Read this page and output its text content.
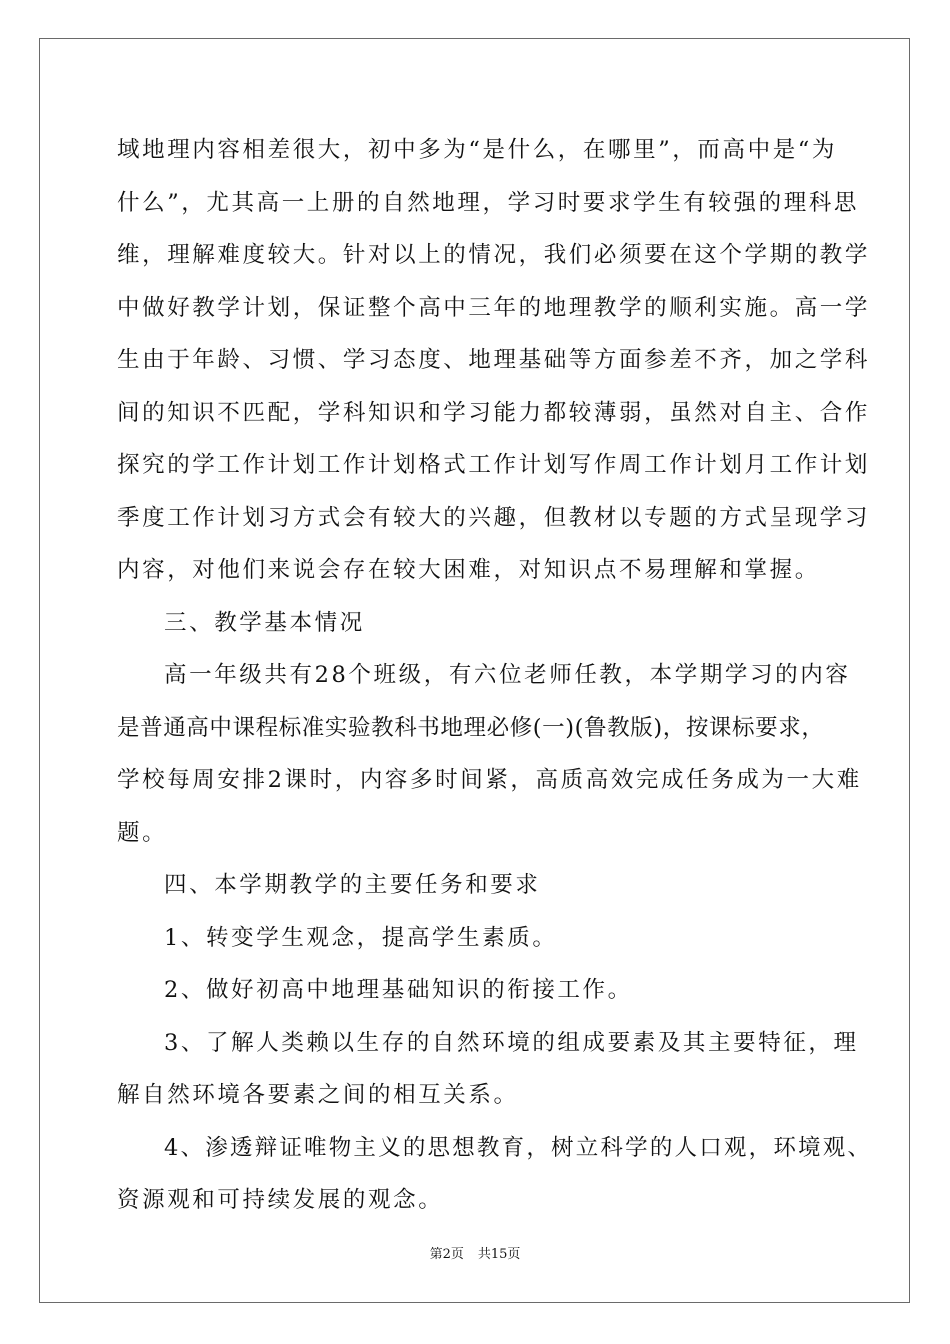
域地理内容相差很大，初中多为“是什么，在哪里”，而高中是“为
什么”，尤其高一上册的自然地理，学习时要求学生有较强的理科思
维，理解难度较大。针对以上的情况，我们必须要在这个学期的教学
中做好教学计划，保证整个高中三年的地理教学的顺利实施。高一学
生由于年龄、习惯、学习态度、地理基础等方面参差不齐，加之学科
间的知识不匹配，学科知识和学习能力都较薄弱，虽然对自主、合作
探究的学工作计划工作计划格式工作计划写作周工作计划月工作计划
季度工作计划习方式会有较大的兴趣，但教材以专题的方式呈现学习
内容，对他们来说会存在较大困难，对知识点不易理解和掌握。
三、教学基本情况
高一年级共有28个班级，有六位老师任教，本学期学习的内容
是普通高中课程标准实验教科书地理必修(一)(鲁教版)，按课标要求，
学校每周安排2课时，内容多时间紧，高质高效完成任务成为一大难
题。
四、本学期教学的主要任务和要求
1、转变学生观念，提高学生素质。
2、做好初高中地理基础知识的衔接工作。
3、了解人类赖以生存的自然环境的组成要素及其主要特征，理
解自然环境各要素之间的相互关系。
4、渗透辩证唯物主义的思想教育，树立科学的人口观，环境观、
资源观和可持续发展的观念。
第2页 共15页
